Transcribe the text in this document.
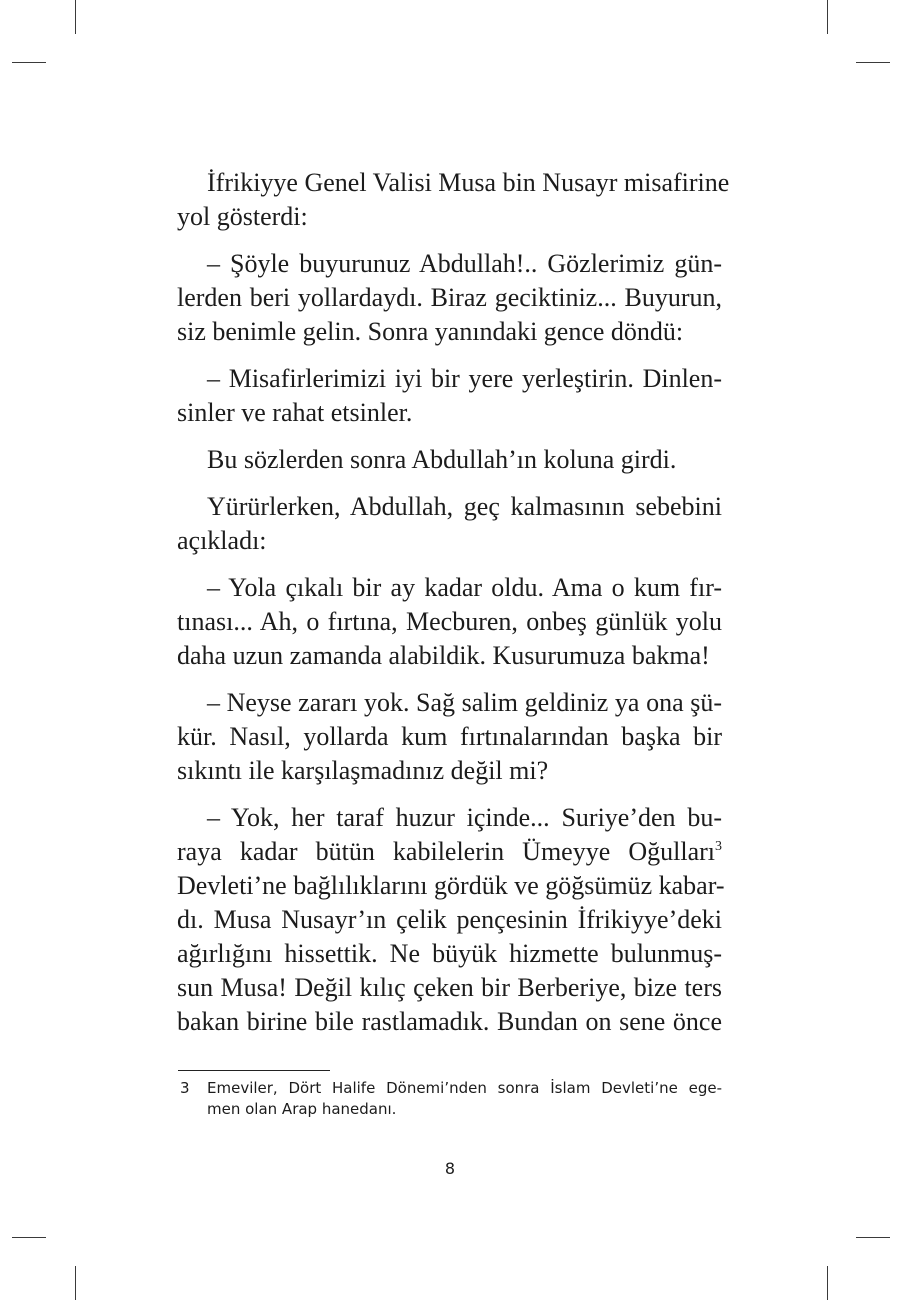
İfrikiyye Genel Valisi Musa bin Nusayr misafirine
yol gösterdi:
– Şöyle buyurunuz Abdullah!.. Gözlerimiz gün-
lerden beri yollardaydı. Biraz geciktiniz... Buyurun,
siz benimle gelin. Sonra yanındaki gence döndü:
– Misafirlerimizi iyi bir yere yerleştirin. Dinlen-
sinler ve rahat etsinler.
Bu sözlerden sonra Abdullah’ın koluna girdi.
Yürürlerken, Abdullah, geç kalmasının sebebini
açıkladı:
– Yola çıkalı bir ay kadar oldu. Ama o kum fır-
tınası... Ah, o fırtına, Mecburen, onbeş günlük yolu
daha uzun zamanda alabildik. Kusurumuza bakma!
– Neyse zararı yok. Sağ salim geldiniz ya ona şü-
kür. Nasıl, yollarda kum fırtınalarından başka bir
sıkıntı ile karşılaşmadınız değil mi?
– Yok, her taraf huzur içinde... Suriye’den bu-
raya kadar bütün kabilelerin Ümeyye Oğulları$^3$
Devleti’ne bağlılıklarını gördük ve göğsümüz kabar-
dı. Musa Nusayr’ın çelik pençesinin İfrikiyye’deki
ağırlığını hissettik. Ne büyük hizmette bulunmuş-
sun Musa! Değil kılıç çeken bir Berberiye, bize ters
bakan birine bile rastlamadık. Bundan on sene önce
3 Emeviler, Dört Halife Dönemi’nden sonra İslam Devleti’ne ege-
men olan Arap hanedanı.
8
